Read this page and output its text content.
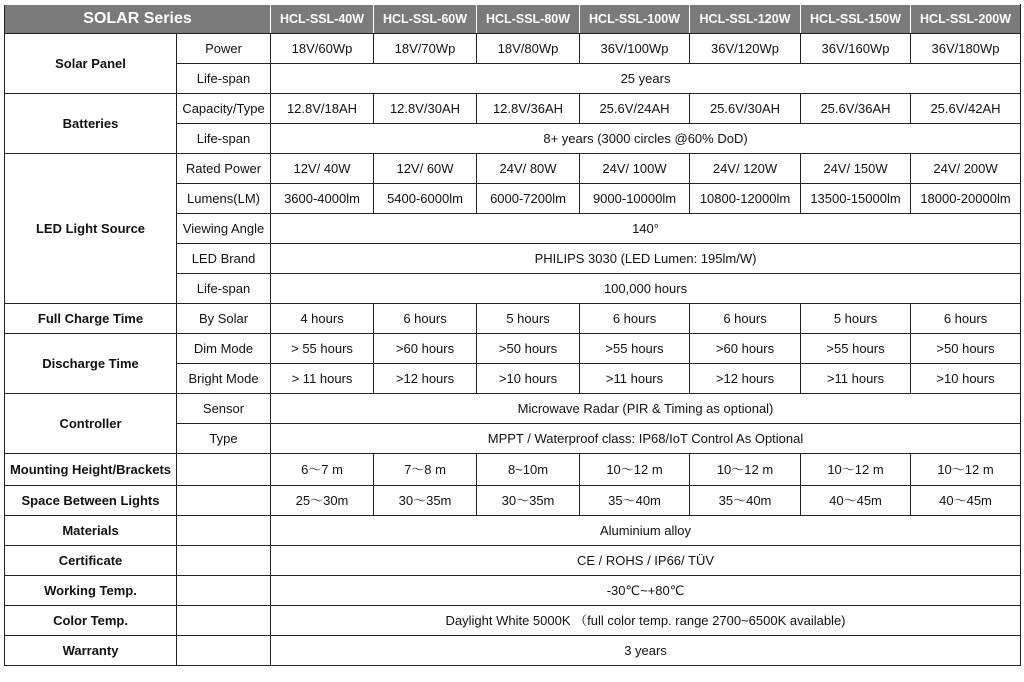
SOLAR Series		HCL-SSL-40W	HCL-SSL-60W	HCL-SSL-80W	HCL-SSL-100W	HCL-SSL-120W	HCL-SSL-150W	HCL-SSL-200W
Solar Panel	Power	18V/60Wp	18V/70Wp	18V/80Wp	36V/100Wp	36V/120Wp	36V/160Wp	36V/180Wp
	Life-span	25 years						
Batteries	Capacity/Type	12.8V/18AH	12.8V/30AH	12.8V/36AH	25.6V/24AH	25.6V/30AH	25.6V/36AH	25.6V/42AH
	Life-span	8+ years (3000 circles @60% DoD)						
LED Light Source	Rated Power	12V/ 40W	12V/ 60W	24V/ 80W	24V/ 100W	24V/ 120W	24V/ 150W	24V/ 200W
	Lumens(LM)	3600-4000lm	5400-6000lm	6000-7200lm	9000-10000lm	10800-12000lm	13500-15000lm	18000-20000lm
	Viewing Angle	140°						
	LED Brand	PHILIPS 3030 (LED Lumen: 195lm/W)						
	Life-span	100,000 hours						
Full Charge Time	By Solar	4 hours	6 hours	5 hours	6 hours	6 hours	5 hours	6 hours
Discharge Time	Dim Mode	> 55 hours	>60 hours	>50 hours	>55 hours	>60 hours	>55 hours	>50 hours
	Bright Mode	> 11 hours	>12 hours	>10 hours	>11 hours	>12 hours	>11 hours	>10 hours
Controller	Sensor	Microwave Radar (PIR & Timing as optional)						
	Type	MPPT / Waterproof class: IP68/IoT Control As Optional						
Mounting Height/Brackets		6～7 m	7～8 m	8~10m	10～12 m	10～12 m	10～12 m	10～12 m
Space Between Lights		25～30m	30～35m	30～35m	35～40m	35～40m	40～45m	40～45m
Materials		Aluminium alloy						
Certificate		CE / ROHS / IP66/ TÜV						
Working Temp.		-30℃~+80℃						
Color Temp.		Daylight White 5000K （full color temp. range 2700~6500K available)						
Warranty		3 years						
